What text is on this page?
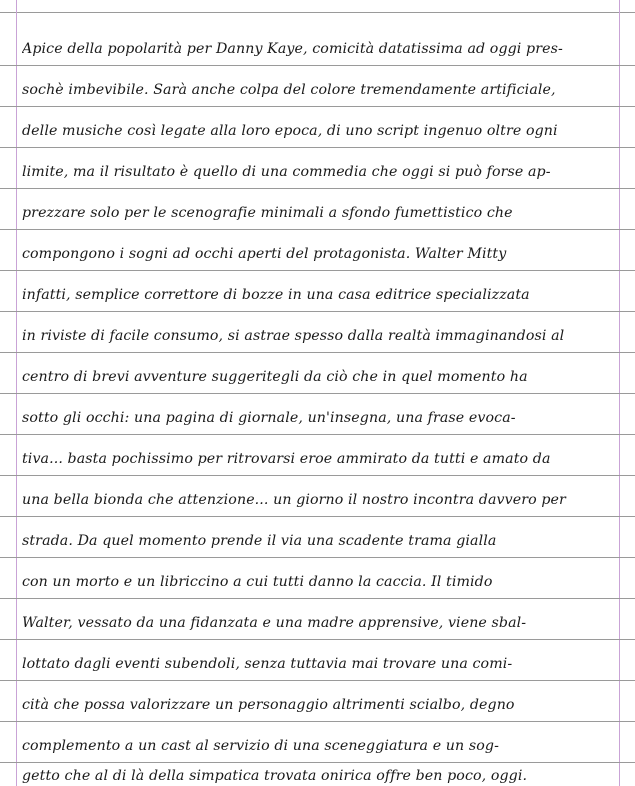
Apice della popolarità per Danny Kaye, comicità datatissima ad oggi pres-
sochè imbevibile. Sarà anche colpa del colore tremendamente artificiale,
delle musiche così legate alla loro epoca, di uno script ingenuo oltre ogni
limite, ma il risultato è quello di una commedia che oggi si può forse ap-
prezzare solo per le scenografie minimali a sfondo fumettistico che
compongono i sogni ad occhi aperti del protagonista. Walter Mitty
infatti, semplice correttore di bozze in una casa editrice specializzata
in riviste di facile consumo, si astrae spesso dalla realtà immaginandosi al
centro di brevi avventure suggeritegli da ciò che in quel momento ha
sotto gli occhi: una pagina di giornale, un'insegna, una frase evoca-
tiva... basta pochissimo per ritrovarsi eroe ammirato da tutti e amato da
una bella bionda che attenzione... un giorno il nostro incontra davvero per
strada. Da quel momento prende il via una scadente trama gialla
con un morto e un libriccino a cui tutti danno la caccia. Il timido
Walter, vessato da una fidanzata e una madre apprensive, viene sbal-
lottato dagli eventi subendoli, senza tuttavia mai trovare una comi-
cità che possa valorizzare un personaggio altrimenti scialbo, degno
complemento a un cast al servizio di una sceneggiatura e un sog-
getto che al di là della simpatica trovata onirica offre ben poco, oggi.
